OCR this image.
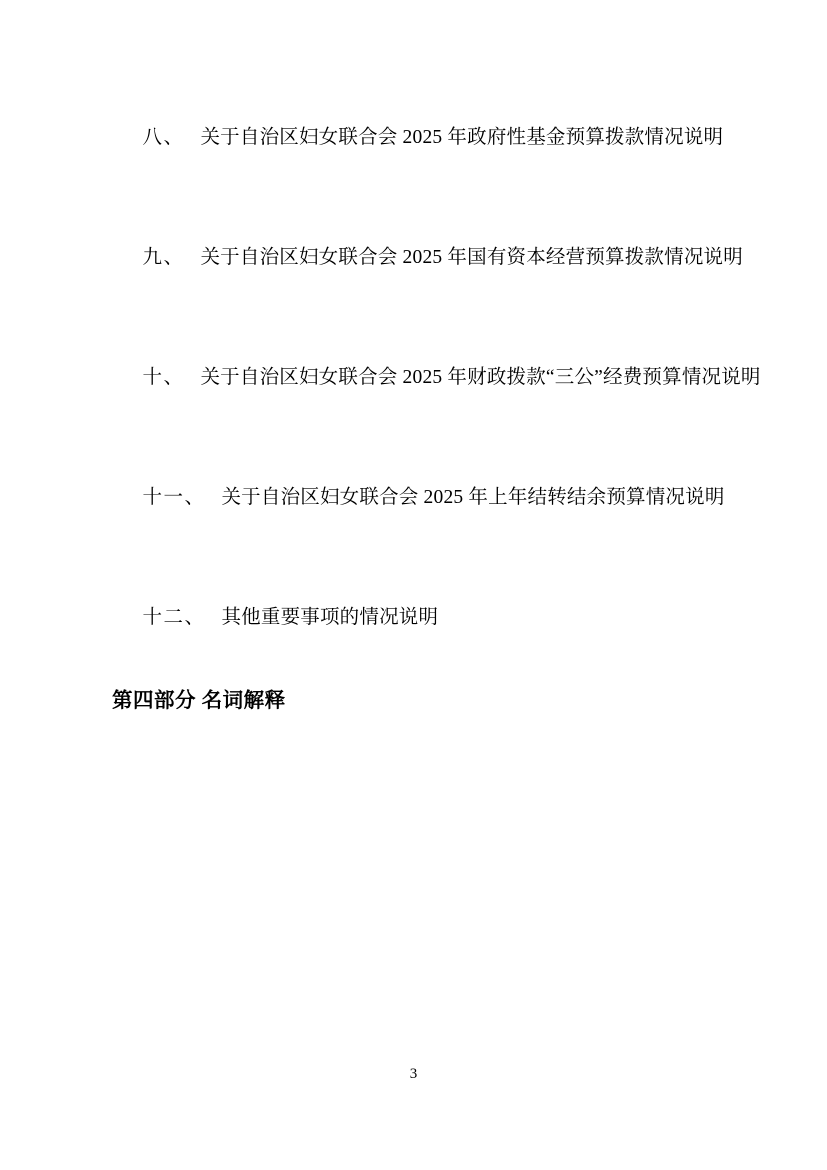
八、 关于自治区妇女联合会 2025 年政府性基金预算拨款情况说明

九、 关于自治区妇女联合会 2025 年国有资本经营预算拨款情况说明

十、 关于自治区妇女联合会 2025 年财政拨款“三公”经费预算情况说明

十一、 关于自治区妇女联合会 2025 年上年结转结余预算情况说明

十二、 其他重要事项的情况说明

第四部分 名词解释
3
